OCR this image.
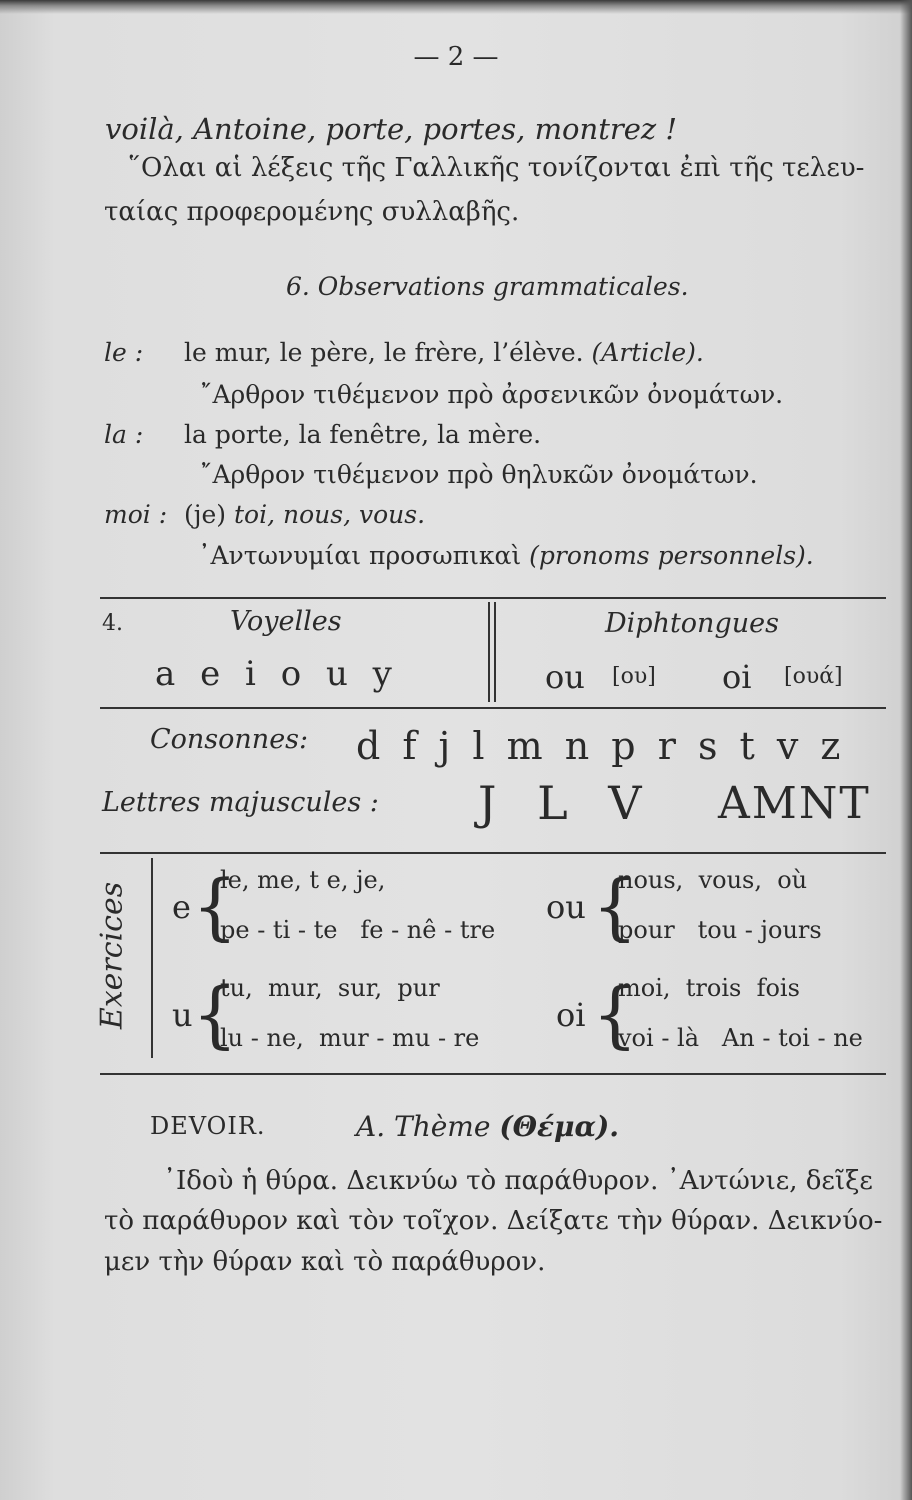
— 2 —
voilà, Antoine, porte, portes, montrez !
῞Ολαι αἱ λέξεις τῆς Γαλλικῆς τονίζονται ἐπὶ τῆς τελευ-
ταίας προφερομένης συλλαβῆς.
6. Observations grammaticales.
le : le mur, le père, le frère, l’élève. (Article).
῎Αρθρον τιθέμενον πρὸ ἀρσενικῶν ὀνομάτων.
la : la porte, la fenêtre, la mère.
῎Αρθρον τιθέμενον πρὸ θηλυκῶν ὀνομάτων.
moi : (je) toi, nous, vous.
᾿Αντωνυμίαι προσωπικαὶ (pronoms personnels).
4.	Voyelles	Diphtongues
a e i o u y	ou [ου] oi [ουά]
Consonnes: d f j l m n p r s t v z
Lettres majuscules : J L V AMNT
Exercices e {
le, me, t e, je,
pe - ti - te   fe - nê - tre
ou {
nous,  vous,  où
pour   tou - jours
u {
tu,  mur,  sur,  pur
lu - ne,  mur - mu - re
oi {
moi,  trois  fois
voi - là   An - toi - ne
DEVOIR.	A. Thème (Θέμα).
᾿Ιδοὺ ἡ θύρα. Δεικνύω τὸ παράθυρον. ᾿Αντώνιε, δεῖξε
τὸ παράθυρον καὶ τὸν τοῖχον. Δείξατε τὴν θύραν. Δεικνύο-
μεν τὴν θύραν καὶ τὸ παράθυρον.
